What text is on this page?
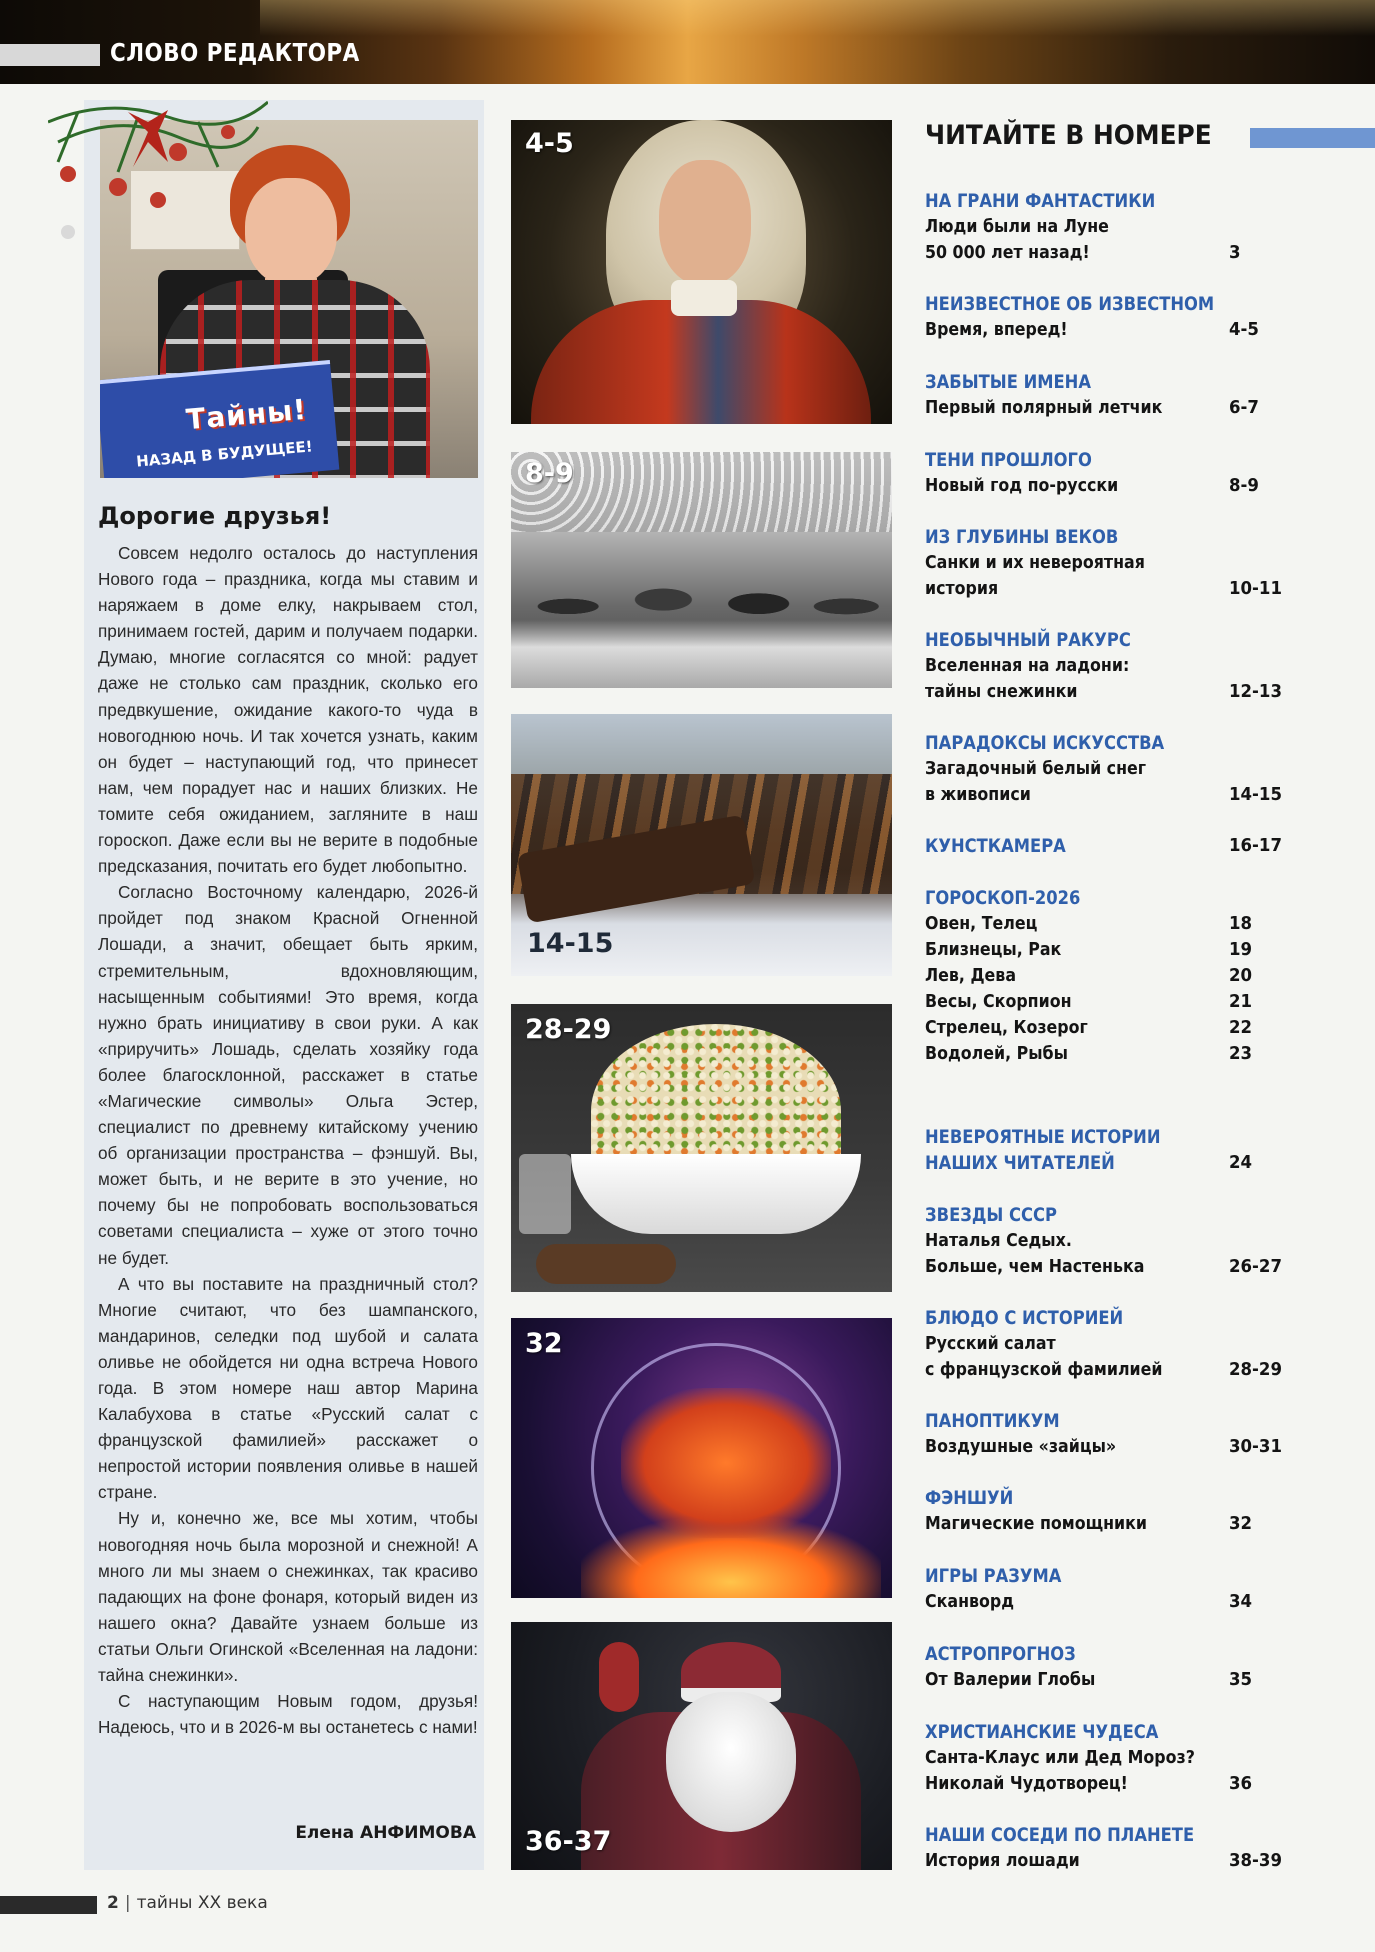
СЛОВО РЕДАКТОРА
Тайны!
НАЗАД В БУДУЩЕЕ!
Дорогие друзья!

Совсем недолго осталось до наступления Нового года – праздника, когда мы ставим и наряжаем в доме елку, накрываем стол, принимаем гостей, дарим и получаем подарки. Думаю, многие согласятся со мной: радует даже не столько сам праздник, сколько его предвкушение, ожидание какого-то чуда в новогоднюю ночь. И так хочется узнать, каким он будет – наступающий год, что принесет нам, чем порадует нас и наших близких. Не томите себя ожиданием, загляните в наш гороскоп. Даже если вы не верите в подобные предсказания, почитать его будет любопытно.

Согласно Восточному календарю, 2026-й пройдет под знаком Красной Огненной Лошади, а значит, обещает быть ярким, стремительным, вдохновляющим, насыщенным событиями! Это время, когда нужно брать инициативу в свои руки. А как «приручить» Лошадь, сделать хозяйку года более благосклонной, расскажет в статье «Магические символы» Ольга Эстер, специалист по древнему китайскому учению об организации пространства – фэншуй. Вы, может быть, и не верите в это учение, но почему бы не попробовать воспользоваться советами специалиста – хуже от этого точно не будет.

А что вы поставите на праздничный стол? Многие считают, что без шампанского, мандаринов, селедки под шубой и салата оливье не обойдется ни одна встреча Нового года. В этом номере наш автор Марина Калабухова в статье «Русский салат с французской фамилией» расскажет о непростой истории появления оливье в нашей стране.

Ну и, конечно же, все мы хотим, чтобы новогодняя ночь была морозной и снежной! А много ли мы знаем о снежинках, так красиво падающих на фоне фонаря, который виден из нашего окна? Давайте узнаем больше из статьи Ольги Огинской «Вселенная на ладони: тайна снежинки».

С наступающим Новым годом, друзья! Надеюсь, что и в 2026-м вы останетесь с нами!

Елена АНФИМОВА
4-5
8-9
14-15
28-29
32
36-37
ЧИТАЙТЕ В НОМЕРЕ
НА ГРАНИ ФАНТАСТИКИ
Люди были на Луне
50 000 лет назад!	3
НЕИЗВЕСТНОЕ ОБ ИЗВЕСТНОМ
Время, вперед!	4-5
ЗАБЫТЫЕ ИМЕНА
Первый полярный летчик	6-7
ТЕНИ ПРОШЛОГО
Новый год по-русски	8-9
ИЗ ГЛУБИНЫ ВЕКОВ
Санки и их невероятная
история	10-11
НЕОБЫЧНЫЙ РАКУРС
Вселенная на ладони:
тайны снежинки	12-13
ПАРАДОКСЫ ИСКУССТВА
Загадочный белый снег
в живописи	14-15
КУНСТКАМЕРА	16-17
ГОРОСКОП-2026
Овен, Телец	18
Близнецы, Рак	19
Лев, Дева	20
Весы, Скорпион	21
Стрелец, Козерог	22
Водолей, Рыбы	23
НЕВЕРОЯТНЫЕ ИСТОРИИ
НАШИХ ЧИТАТЕЛЕЙ	24
ЗВЕЗДЫ СССР
Наталья Седых.
Больше, чем Настенька	26-27
БЛЮДО С ИСТОРИЕЙ
Русский салат
с французской фамилией	28-29
ПАНОПТИКУМ
Воздушные «зайцы»	30-31
ФЭНШУЙ
Магические помощники	32
ИГРЫ РАЗУМА
Сканворд	34
АСТРОПРОГНОЗ
От Валерии Глобы	35
ХРИСТИАНСКИЕ ЧУДЕСА
Санта-Клаус или Дед Мороз?
Николай Чудотворец!	36
НАШИ СОСЕДИ ПО ПЛАНЕТЕ
История лошади	38-39
2 | тайны XX века
